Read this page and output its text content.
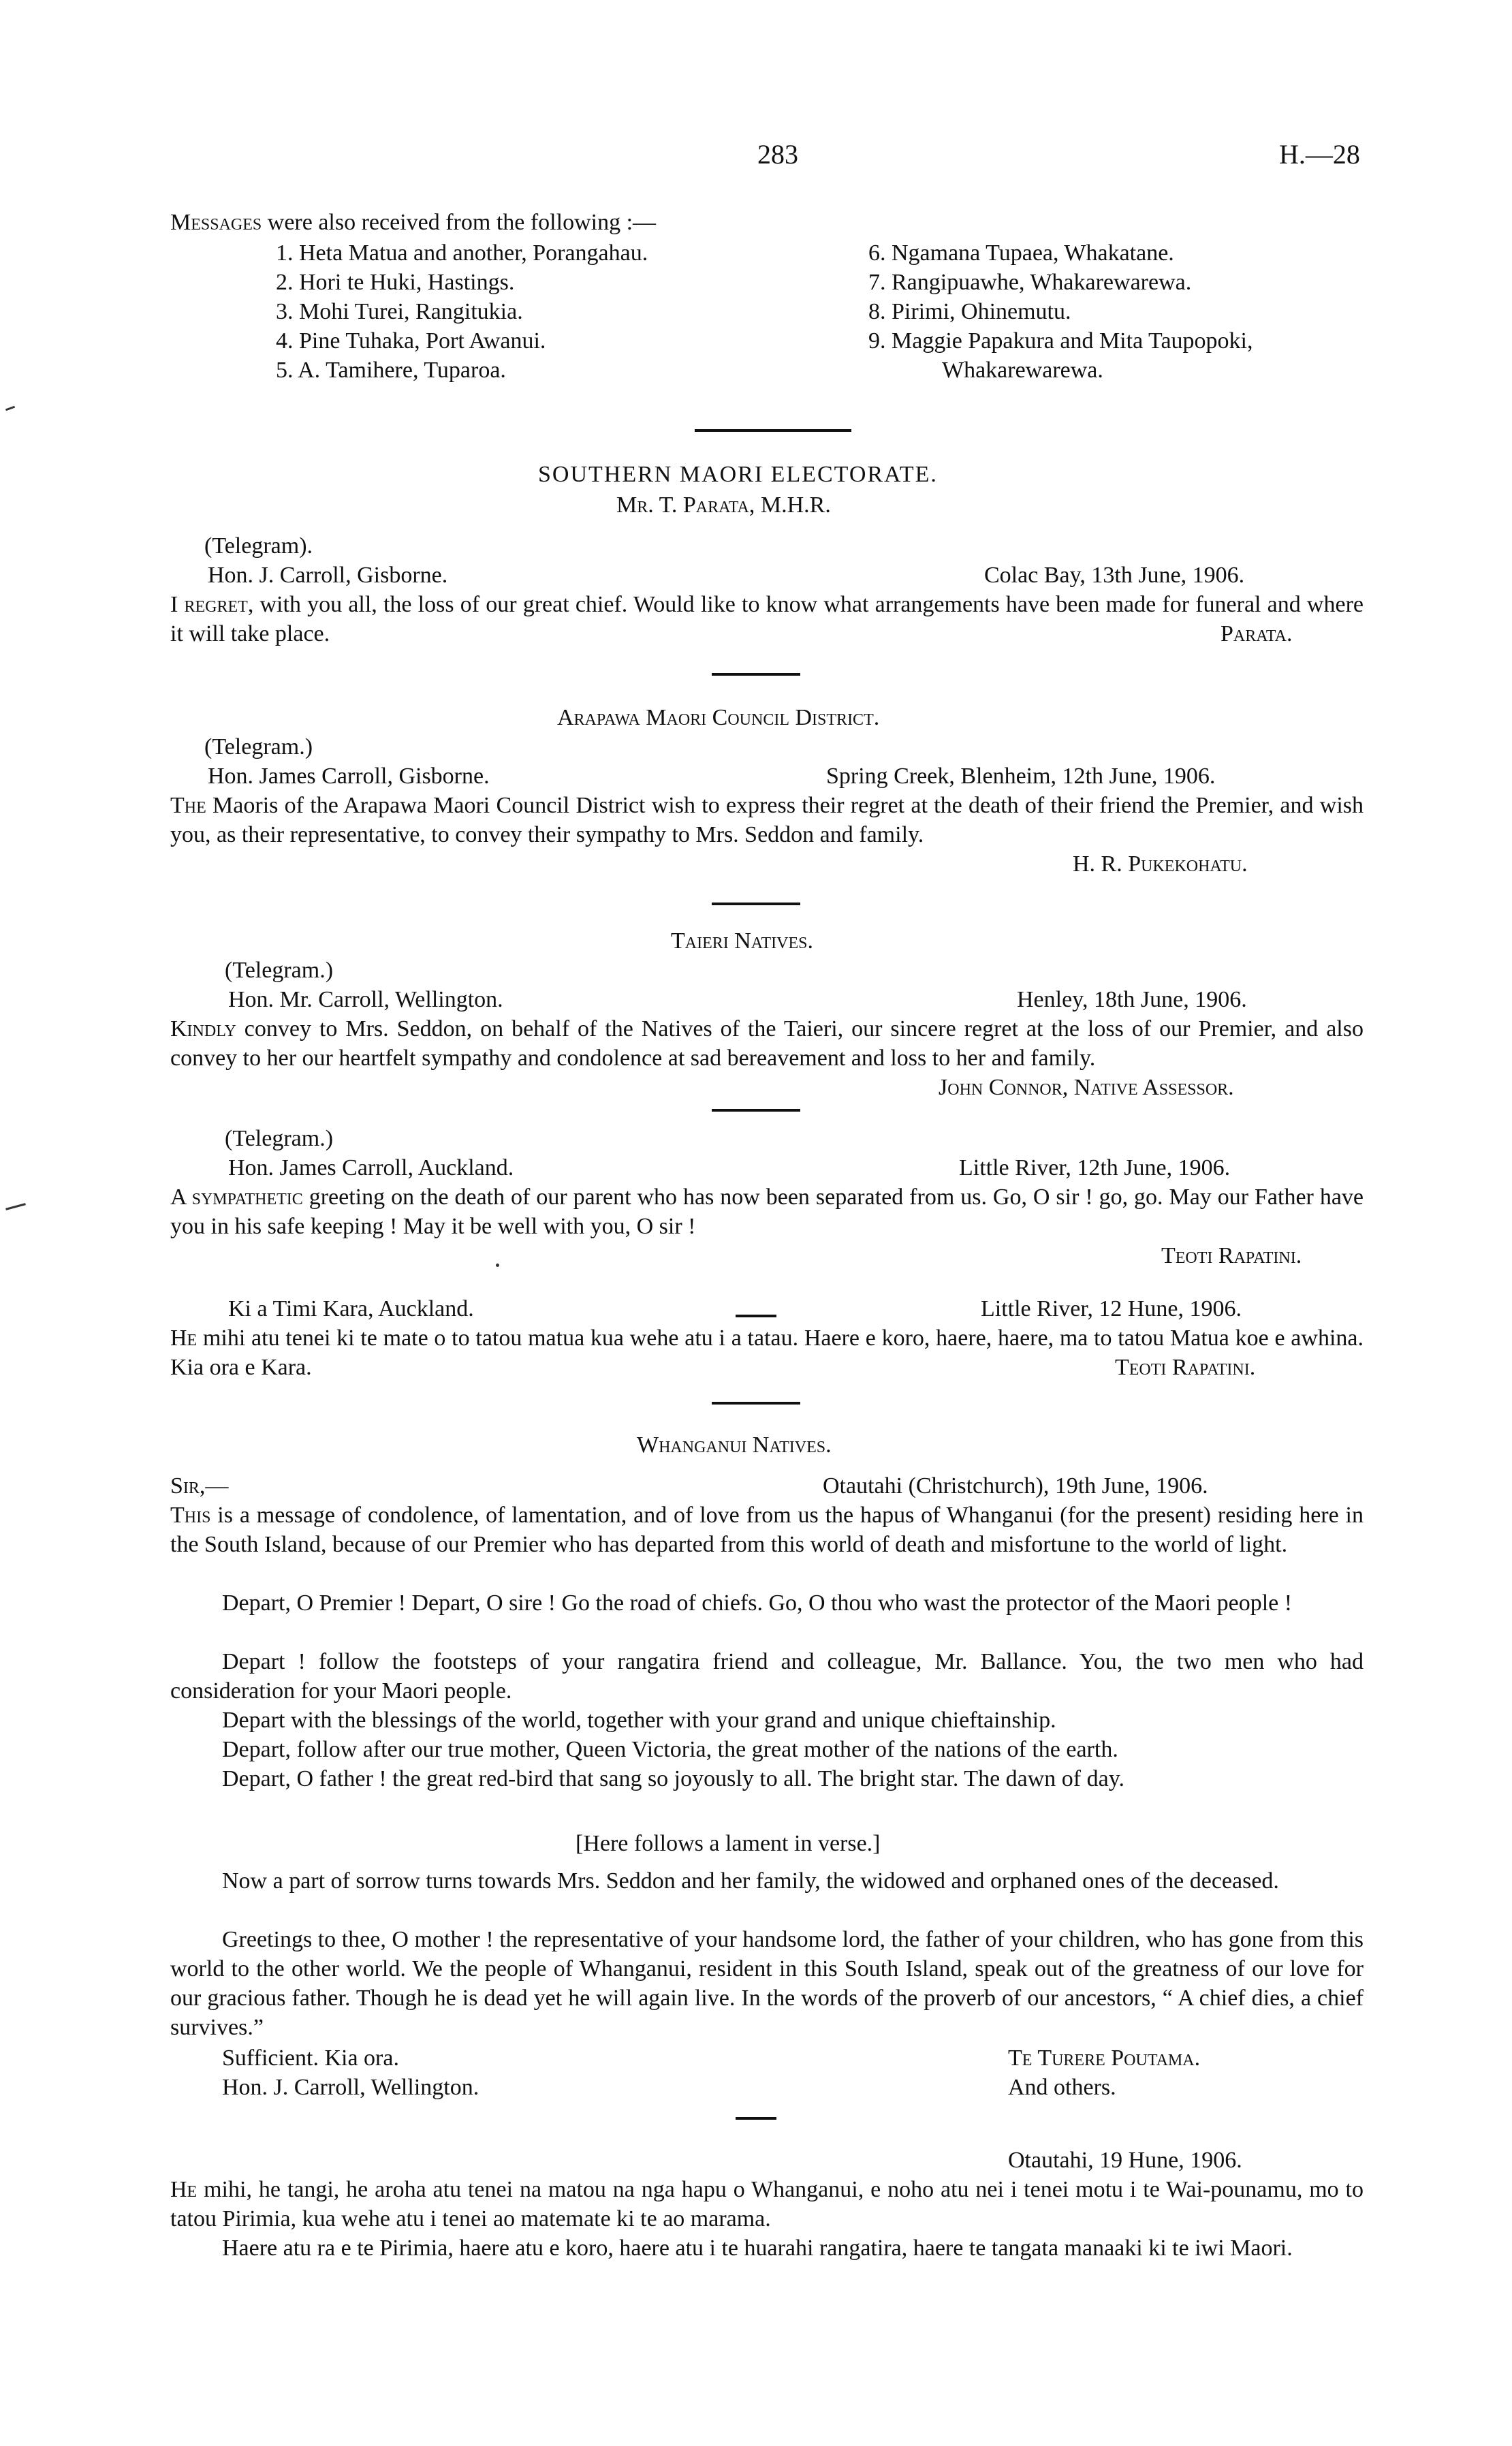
283	H.—28
Messages were also received from the following :—
1. Heta Matua and another, Porangahau.
2. Hori te Huki, Hastings.
3. Mohi Turei, Rangitukia.
4. Pine Tuhaka, Port Awanui.
5. A. Tamihere, Tuparoa.
6. Ngamana Tupaea, Whakatane.
7. Rangipuawhe, Whakarewarewa.
8. Pirimi, Ohinemutu.
9. Maggie Papakura and Mita Taupopoki,
Whakarewarewa.
SOUTHERN MAORI ELECTORATE.
Mr. T. Parata, M.H.R.
(Telegram).
Hon. J. Carroll, Gisborne.	Colac Bay, 13th June, 1906.
I regret, with you all, the loss of our great chief. Would like to know what arrangements have been made for funeral and where it will take place.	Parata.
Arapawa Maori Council District.
(Telegram.)
Hon. James Carroll, Gisborne.	Spring Creek, Blenheim, 12th June, 1906.
The Maoris of the Arapawa Maori Council District wish to express their regret at the death of their friend the Premier, and wish you, as their representative, to convey their sympathy to Mrs. Seddon and family.
H. R. Pukekohatu.
Taieri Natives.
(Telegram.)
Hon. Mr. Carroll, Wellington.	Henley, 18th June, 1906.
Kindly convey to Mrs. Seddon, on behalf of the Natives of the Taieri, our sincere regret at the loss of our Premier, and also convey to her our heartfelt sympathy and condolence at sad bereavement and loss to her and family.
John Connor, Native Assessor.
(Telegram.)
Hon. James Carroll, Auckland.	Little River, 12th June, 1906.
A sympathetic greeting on the death of our parent who has now been separated from us. Go, O sir ! go, go. May our Father have you in his safe keeping ! May it be well with you, O sir !
Teoti Rapatini.
Ki a Timi Kara, Auckland.	Little River, 12 Hune, 1906.
He mihi atu tenei ki te mate o to tatou matua kua wehe atu i a tatau. Haere e koro, haere, haere, ma to tatou Matua koe e awhina. Kia ora e Kara.	Teoti Rapatini.
Whanganui Natives.
Sir,—	Otautahi (Christchurch), 19th June, 1906.
This is a message of condolence, of lamentation, and of love from us the hapus of Whanganui (for the present) residing here in the South Island, because of our Premier who has departed from this world of death and misfortune to the world of light.
Depart, O Premier ! Depart, O sire ! Go the road of chiefs. Go, O thou who wast the protector of the Maori people !
Depart ! follow the footsteps of your rangatira friend and colleague, Mr. Ballance. You, the two men who had consideration for your Maori people.
Depart with the blessings of the world, together with your grand and unique chieftainship.
Depart, follow after our true mother, Queen Victoria, the great mother of the nations of the earth.
Depart, O father ! the great red-bird that sang so joyously to all. The bright star. The dawn of day.
[Here follows a lament in verse.]
Now a part of sorrow turns towards Mrs. Seddon and her family, the widowed and orphaned ones of the deceased.
Greetings to thee, O mother ! the representative of your handsome lord, the father of your children, who has gone from this world to the other world. We the people of Whanganui, resident in this South Island, speak out of the greatness of our love for our gracious father. Though he is dead yet he will again live. In the words of the proverb of our ancestors, “ A chief dies, a chief survives.”
Sufficient. Kia ora.	Te Turere Poutama.
Hon. J. Carroll, Wellington.	And others.
Otautahi, 19 Hune, 1906.
He mihi, he tangi, he aroha atu tenei na matou na nga hapu o Whanganui, e noho atu nei i tenei motu i te Wai-pounamu, mo to tatou Pirimia, kua wehe atu i tenei ao matemate ki te ao marama.
Haere atu ra e te Pirimia, haere atu e koro, haere atu i te huarahi rangatira, haere te tangata manaaki ki te iwi Maori.
